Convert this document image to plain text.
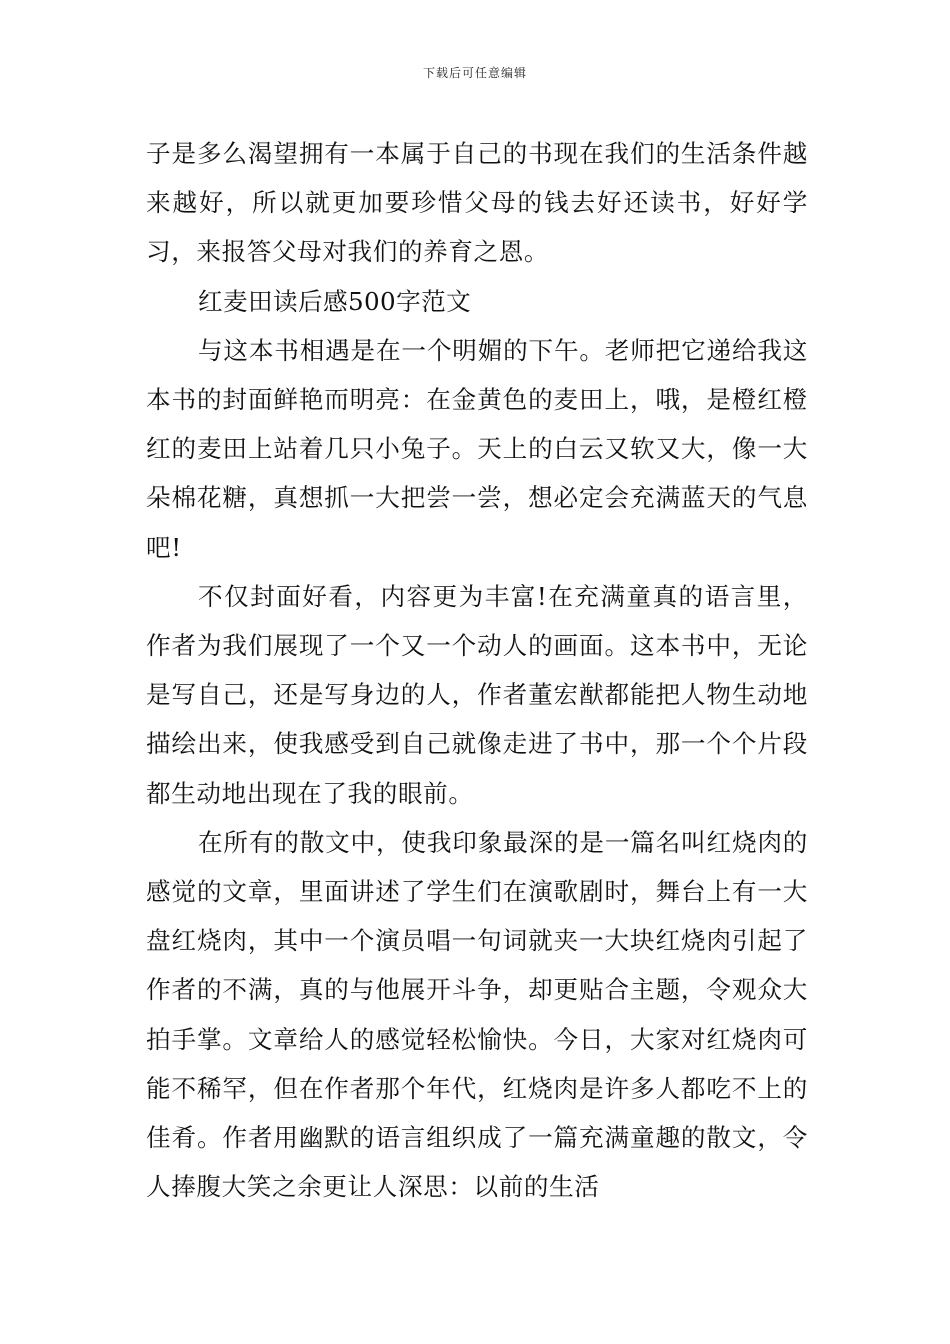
下载后可任意编辑

子是多么渴望拥有一本属于自己的书现在我们的生活条件越来越好，所以就更加要珍惜父母的钱去好还读书，好好学习，来报答父母对我们的养育之恩。

红麦田读后感500字范文

与这本书相遇是在一个明媚的下午。老师把它递给我这本书的封面鲜艳而明亮：在金黄色的麦田上，哦，是橙红橙红的麦田上站着几只小兔子。天上的白云又软又大，像一大朵棉花糖，真想抓一大把尝一尝，想必定会充满蓝天的气息吧!

不仅封面好看，内容更为丰富!在充满童真的语言里，作者为我们展现了一个又一个动人的画面。这本书中，无论是写自己，还是写身边的人，作者董宏猷都能把人物生动地描绘出来，使我感受到自己就像走进了书中，那一个个片段都生动地出现在了我的眼前。

在所有的散文中，使我印象最深的是一篇名叫红烧肉的感觉的文章，里面讲述了学生们在演歌剧时，舞台上有一大盘红烧肉，其中一个演员唱一句词就夹一大块红烧肉引起了作者的不满，真的与他展开斗争，却更贴合主题，令观众大拍手掌。文章给人的感觉轻松愉快。今日，大家对红烧肉可能不稀罕，但在作者那个年代，红烧肉是许多人都吃不上的佳肴。作者用幽默的语言组织成了一篇充满童趣的散文，令人捧腹大笑之余更让人深思：以前的生活
